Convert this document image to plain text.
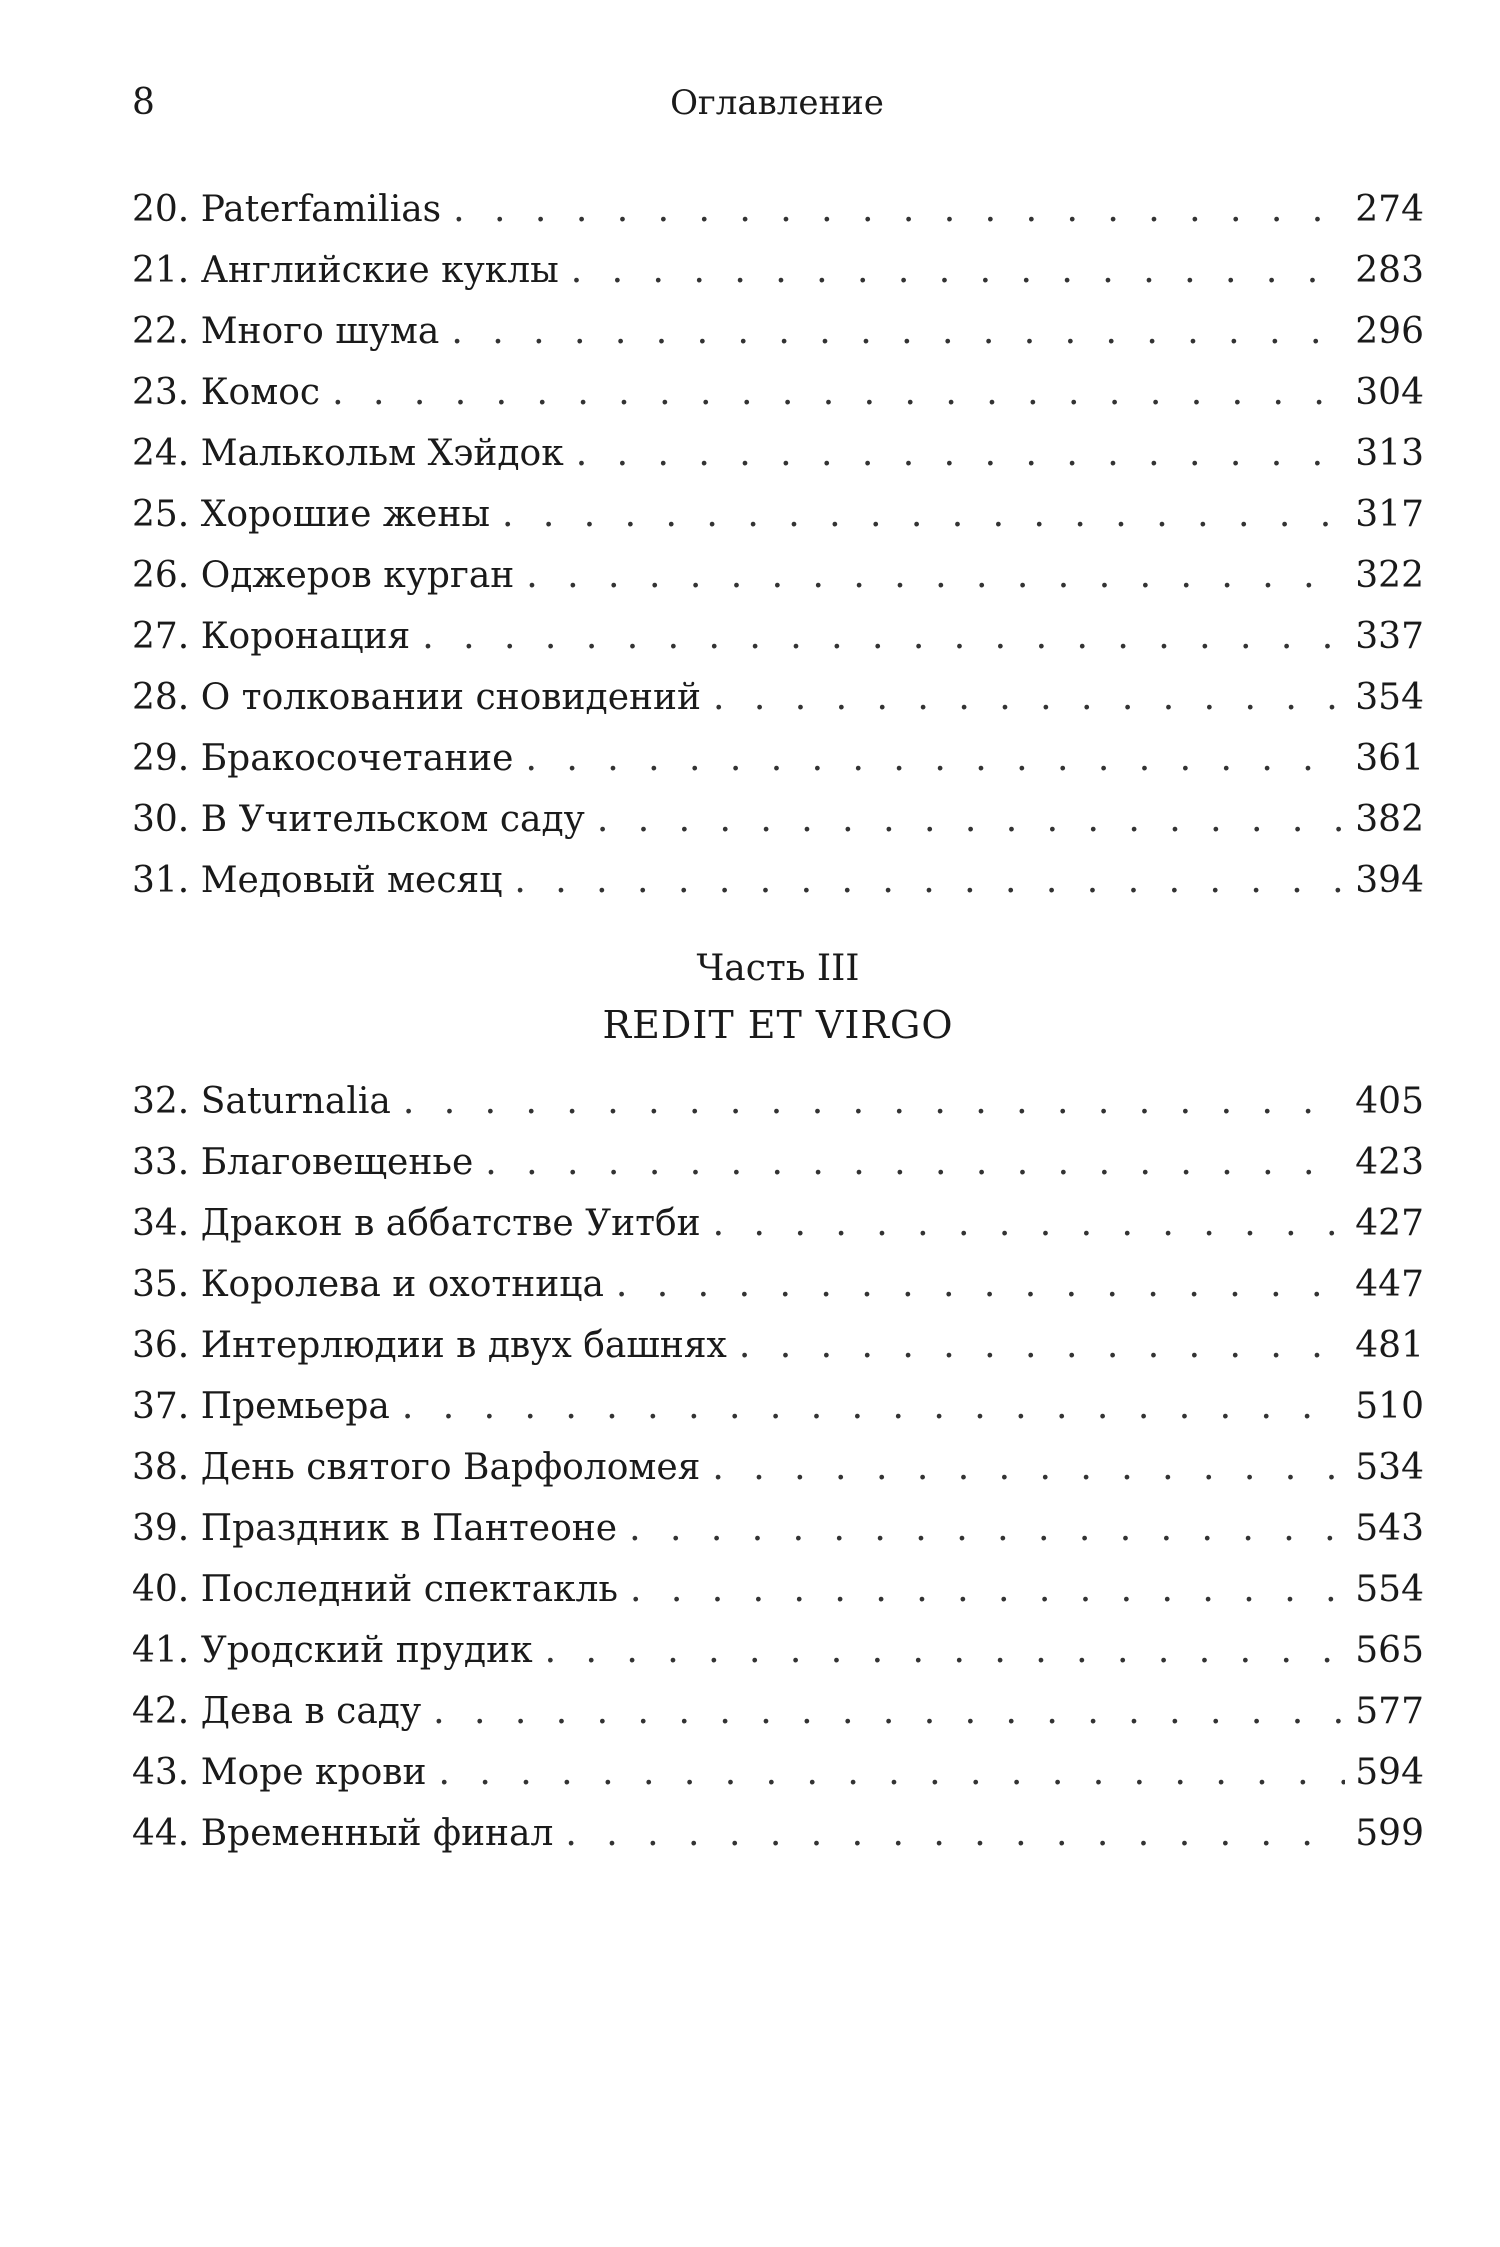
8	Оглавление
20. Paterfamilias . . .	274
21. Английские куклы . . .	283
22. Много шума . . .	296
23. Комос . . .	304
24. Малькольм Хэйдок . . .	313
25. Хорошие жены . . .	317
26. Оджеров курган . . .	322
27. Коронация . . .	337
28. О толковании сновидений . . .	354
29. Бракосочетание . . .	361
30. В Учительском саду . . .	382
31. Медовый месяц . . .	394
Часть III
REDIT ET VIRGO
32. Saturnalia . . .	405
33. Благовещенье . . .	423
34. Дракон в аббатстве Уитби . . .	427
35. Королева и охотница . . .	447
36. Интерлюдии в двух башнях . . .	481
37. Премьера . . .	510
38. День святого Варфоломея . . .	534
39. Праздник в Пантеоне . . .	543
40. Последний спектакль . . .	554
41. Уродский прудик . . .	565
42. Дева в саду . . .	577
43. Море крови . . .	594
44. Временный финал . . .	599
